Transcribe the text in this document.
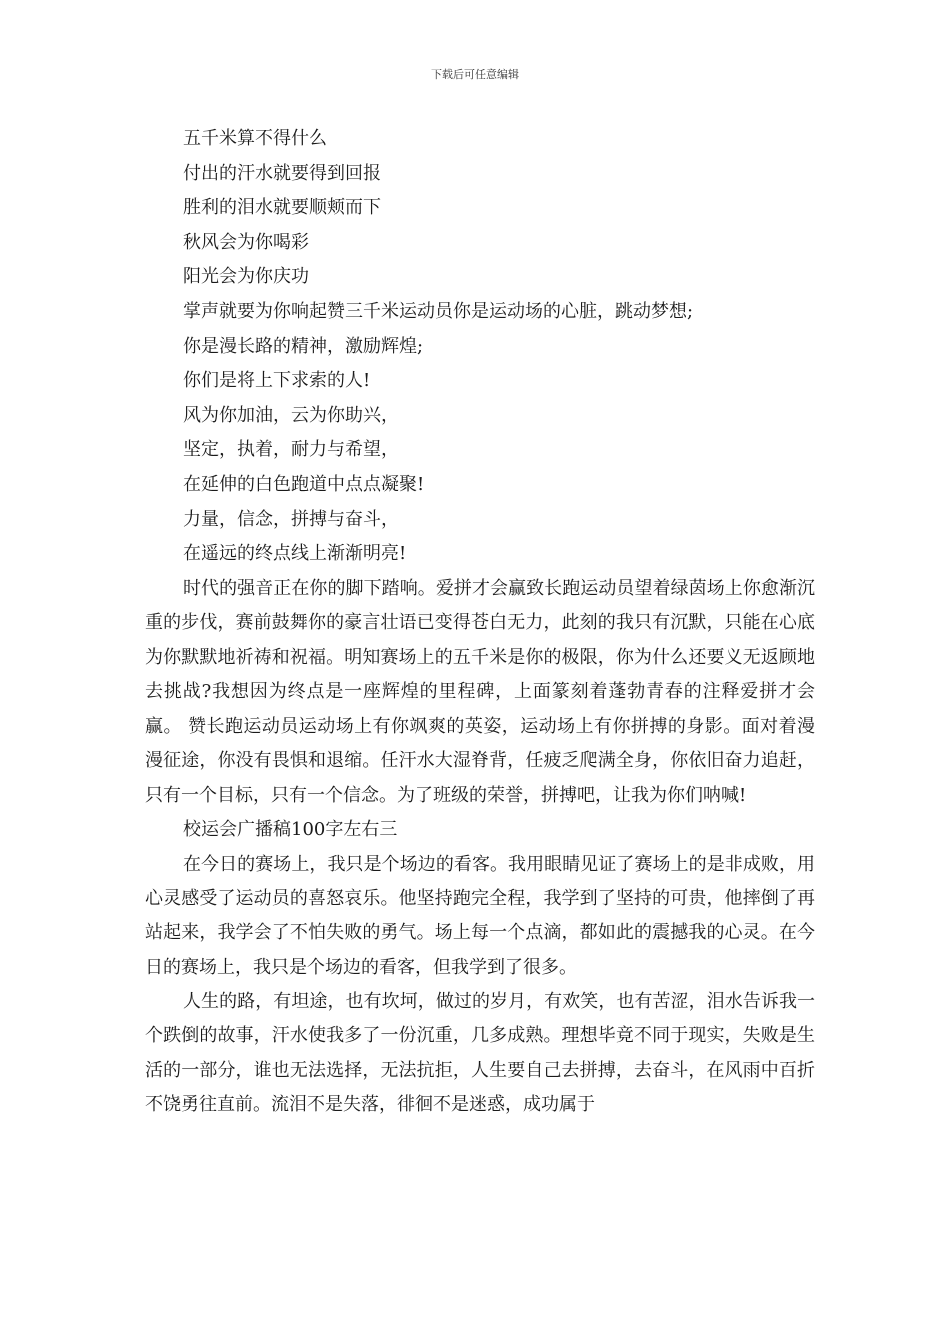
下载后可任意编辑
五千米算不得什么
付出的汗水就要得到回报
胜利的泪水就要顺颊而下
秋风会为你喝彩
阳光会为你庆功
掌声就要为你响起赞三千米运动员你是运动场的心脏，跳动梦想;
你是漫长路的精神，激励辉煌;
你们是将上下求索的人!
风为你加油，云为你助兴，
坚定，执着，耐力与希望，
在延伸的白色跑道中点点凝聚!
力量，信念，拼搏与奋斗，
在遥远的终点线上渐渐明亮!
时代的强音正在你的脚下踏响。爱拼才会赢致长跑运动员望着绿茵场上你愈渐沉重的步伐，赛前鼓舞你的豪言壮语已变得苍白无力，此刻的我只有沉默，只能在心底为你默默地祈祷和祝福。明知赛场上的五千米是你的极限，你为什么还要义无返顾地去挑战?我想因为终点是一座辉煌的里程碑，上面篆刻着蓬勃青春的注释爱拼才会赢。 赞长跑运动员运动场上有你飒爽的英姿，运动场上有你拼搏的身影。面对着漫漫征途，你没有畏惧和退缩。任汗水大湿脊背，任疲乏爬满全身，你依旧奋力追赶，只有一个目标，只有一个信念。为了班级的荣誉，拼搏吧，让我为你们呐喊!
校运会广播稿100字左右三
在今日的赛场上，我只是个场边的看客。我用眼睛见证了赛场上的是非成败，用心灵感受了运动员的喜怒哀乐。他坚持跑完全程，我学到了坚持的可贵，他摔倒了再站起来，我学会了不怕失败的勇气。场上每一个点滴，都如此的震撼我的心灵。在今日的赛场上，我只是个场边的看客，但我学到了很多。
人生的路，有坦途，也有坎坷，做过的岁月，有欢笑，也有苦涩，泪水告诉我一个跌倒的故事，汗水使我多了一份沉重，几多成熟。理想毕竟不同于现实，失败是生活的一部分，谁也无法选择，无法抗拒，人生要自己去拼搏，去奋斗，在风雨中百折不饶勇往直前。流泪不是失落，徘徊不是迷惑，成功属于
